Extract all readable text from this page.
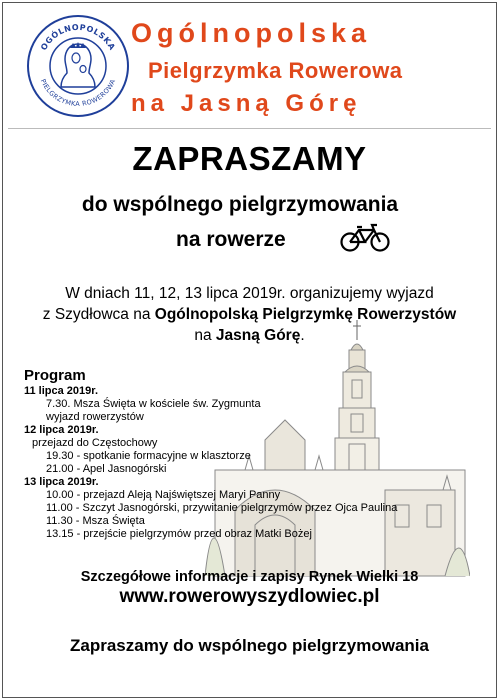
OGÓLNOPOLSKA
PIELGRZYMKA ROWEROWA
Ogólnopolska
Pielgrzymka Rowerowa
na Jasną Górę
ZAPRASZAMY
do wspólnego pielgrzymowania
na rowerze
W dniach 11, 12, 13 lipca 2019r. organizujemy wyjazd
z Szydłowca na Ogólnopolską Pielgrzymkę Rowerzystów
na Jasną Górę.
Program
11 lipca 2019r.
7.30. Msza Święta w kościele św. Zygmunta
wyjazd rowerzystów
12 lipca 2019r.
przejazd do Częstochowy
19.30 - spotkanie formacyjne w klasztorze
21.00 - Apel Jasnogórski
13 lipca 2019r.
10.00 - przejazd Aleją Najświętszej Maryi Panny
11.00 - Szczyt Jasnogórski, przywitanie pielgrzymów przez Ojca Paulina
11.30 - Msza Święta
13.15 - przejście pielgrzymów przed obraz Matki Bożej
Szczegółowe informacje i zapisy Rynek Wielki 18
www.rowerowyszydlowiec.pl
Zapraszamy do wspólnego pielgrzymowania
